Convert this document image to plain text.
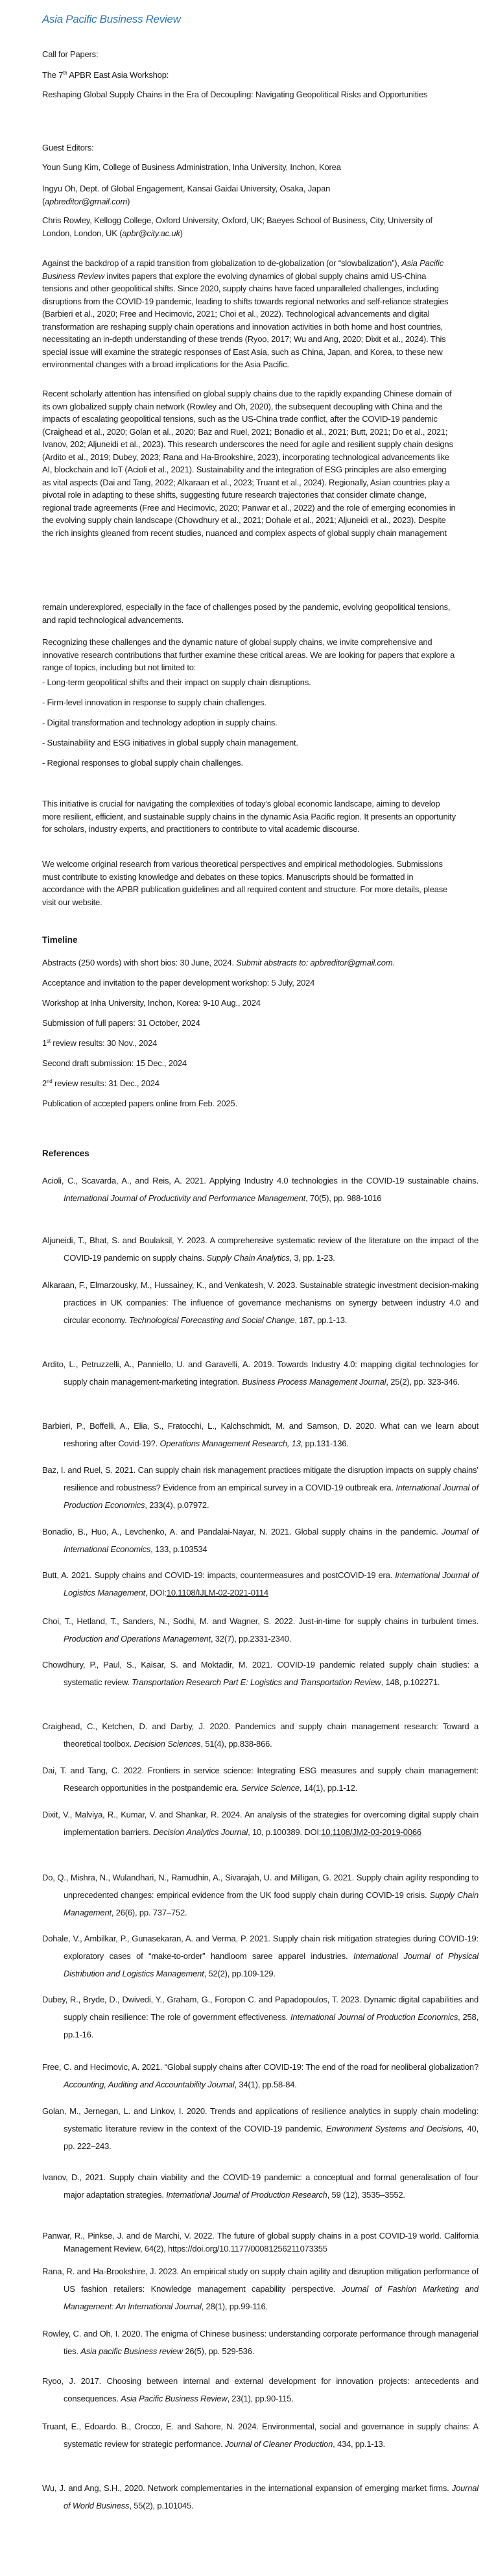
Asia Pacific Business Review

Call for Papers:

The 7th APBR East Asia Workshop:

Reshaping Global Supply Chains in the Era of Decoupling: Navigating Geopolitical Risks and Opportunities

Guest Editors:

Youn Sung Kim, College of Business Administration, Inha University, Inchon, Korea

Ingyu Oh, Dept. of Global Engagement, Kansai Gaidai University, Osaka, Japan
(apbreditor@gmail.com)

Chris Rowley, Kellogg College, Oxford University, Oxford, UK; Baeyes School of Business, City, University of London, London, UK (apbr@city.ac.uk)

Against the backdrop of a rapid transition from globalization to de-globalization (or “slowbalization”), Asia Pacific Business Review invites papers that explore the evolving dynamics of global supply chains amid US-China tensions and other geopolitical shifts. Since 2020, supply chains have faced unparalleled challenges, including disruptions from the COVID-19 pandemic, leading to shifts towards regional networks and self-reliance strategies (Barbieri et al., 2020; Free and Hecimovic, 2021; Choi et al., 2022). Technological advancements and digital transformation are reshaping supply chain operations and innovation activities in both home and host countries, necessitating an in-depth understanding of these trends (Ryoo, 2017; Wu and Ang, 2020; Dixit et al., 2024). This special issue will examine the strategic responses of East Asia, such as China, Japan, and Korea, to these new environmental changes with a broad implications for the Asia Pacific.

Recent scholarly attention has intensified on global supply chains due to the rapidly expanding Chinese domain of its own globalized supply chain network (Rowley and Oh, 2020), the subsequent decoupling with China and the impacts of escalating geopolitical tensions, such as the US-China trade conflict, after the COVID-19 pandemic (Craighead et al., 2020; Golan et al., 2020; Baz and Ruel, 2021; Bonadio et al., 2021; Butt, 2021; Do et al., 2021; Ivanov, 202; Aljuneidi et al., 2023). This research underscores the need for agile and resilient supply chain designs (Ardito et al., 2019; Dubey, 2023; Rana and Ha-Brookshire, 2023), incorporating technological advancements like AI, blockchain and IoT (Acioli et al., 2021). Sustainability and the integration of ESG principles are also emerging as vital aspects (Dai and Tang, 2022; Alkaraan et al., 2023; Truant et al., 2024). Regionally, Asian countries play a pivotal role in adapting to these shifts, suggesting future research trajectories that consider climate change, regional trade agreements (Free and Hecimovic, 2020; Panwar et al., 2022) and the role of emerging economies in the evolving supply chain landscape (Chowdhury et al., 2021; Dohale et al., 2021; Aljuneidi et al., 2023). Despite the rich insights gleaned from recent studies, nuanced and complex aspects of global supply chain management

remain underexplored, especially in the face of challenges posed by the pandemic, evolving geopolitical tensions, and rapid technological advancements.

Recognizing these challenges and the dynamic nature of global supply chains, we invite comprehensive and innovative research contributions that further examine these critical areas. We are looking for papers that explore a range of topics, including but not limited to:

- Long-term geopolitical shifts and their impact on supply chain disruptions.
- Firm-level innovation in response to supply chain challenges.
- Digital transformation and technology adoption in supply chains.
- Sustainability and ESG initiatives in global supply chain management.
- Regional responses to global supply chain challenges.

This initiative is crucial for navigating the complexities of today’s global economic landscape, aiming to develop more resilient, efficient, and sustainable supply chains in the dynamic Asia Pacific region. It presents an opportunity for scholars, industry experts, and practitioners to contribute to vital academic discourse.

We welcome original research from various theoretical perspectives and empirical methodologies. Submissions must contribute to existing knowledge and debates on these topics. Manuscripts should be formatted in accordance with the APBR publication guidelines and all required content and structure. For more details, please visit our website.

Timeline
Abstracts (250 words) with short bios: 30 June, 2024. Submit abstracts to: apbreditor@gmail.com.
Acceptance and invitation to the paper development workshop: 5 July, 2024
Workshop at Inha University, Inchon, Korea: 9-10 Aug., 2024
Submission of full papers: 31 October, 2024
1st review results: 30 Nov., 2024
Second draft submission: 15 Dec., 2024
2nd review results: 31 Dec., 2024
Publication of accepted papers online from Feb. 2025.
References

Acioli, C., Scavarda, A., and Reis, A. 2021. Applying Industry 4.0 technologies in the COVID-19 sustainable chains. International Journal of Productivity and Performance Management, 70(5), pp. 988-1016

Aljuneidi, T., Bhat, S. and Boulaksil, Y. 2023. A comprehensive systematic review of the literature on the impact of the COVID-19 pandemic on supply chains. Supply Chain Analytics, 3, pp. 1-23.

Alkaraan, F., Elmarzousky, M., Hussainey, K., and Venkatesh, V. 2023. Sustainable strategic investment decision-making practices in UK companies: The influence of governance mechanisms on synergy between industry 4.0 and circular economy. Technological Forecasting and Social Change, 187, pp.1-13.

Ardito, L., Petruzzelli, A., Panniello, U. and Garavelli, A. 2019. Towards Industry 4.0: mapping digital technologies for supply chain management-marketing integration. Business Process Management Journal, 25(2), pp. 323-346.

Barbieri, P., Boffelli, A., Elia, S., Fratocchi, L., Kalchschmidt, M. and Samson, D. 2020. What can we learn about reshoring after Covid-19?. Operations Management Research, 13, pp.131-136.

Baz, I. and Ruel, S. 2021. Can supply chain risk management practices mitigate the disruption impacts on supply chains’ resilience and robustness? Evidence from an empirical survey in a COVID-19 outbreak era. International Journal of Production Economics, 233(4), p.07972.

Bonadio, B., Huo, A., Levchenko, A. and Pandalai-Nayar, N. 2021. Global supply chains in the pandemic. Journal of International Economics, 133, p.103534

Butt, A. 2021. Supply chains and COVID-19: impacts, countermeasures and postCOVID-19 era. International Journal of Logistics Management, DOI:10.1108/IJLM-02-2021-0114

Choi, T., Hetland, T., Sanders, N., Sodhi, M. and Wagner, S. 2022. Just-in-time for supply chains in turbulent times. Production and Operations Management, 32(7), pp.2331-2340.

Chowdhury, P., Paul, S., Kaisar, S. and Moktadir, M. 2021. COVID-19 pandemic related supply chain studies: a systematic review. Transportation Research Part E: Logistics and Transportation Review, 148, p.102271.

Craighead, C., Ketchen, D. and Darby, J. 2020. Pandemics and supply chain management research: Toward a theoretical toolbox. Decision Sciences, 51(4), pp.838-866.

Dai, T. and Tang, C. 2022. Frontiers in service science: Integrating ESG measures and supply chain management: Research opportunities in the postpandemic era. Service Science, 14(1), pp.1-12.

Dixit, V., Malviya, R., Kumar, V. and Shankar, R. 2024. An analysis of the strategies for overcoming digital supply chain implementation barriers. Decision Analytics Journal, 10, p.100389. DOI:10.1108/JM2-03-2019-0066

Do, Q., Mishra, N., Wulandhari, N., Ramudhin, A., Sivarajah, U. and Milligan, G. 2021. Supply chain agility responding to unprecedented changes: empirical evidence from the UK food supply chain during COVID-19 crisis. Supply Chain Management, 26(6), pp. 737–752.

Dohale, V., Ambilkar, P., Gunasekaran, A. and Verma, P. 2021. Supply chain risk mitigation strategies during COVID-19: exploratory cases of “make-to-order” handloom saree apparel industries. International Journal of Physical Distribution and Logistics Management, 52(2), pp.109-129.

Dubey, R., Bryde, D., Dwivedi, Y., Graham, G., Foropon C. and Papadopoulos, T. 2023. Dynamic digital capabilities and supply chain resilience: The role of government effectiveness. International Journal of Production Economics, 258, pp.1-16.

Free, C. and Hecimovic, A. 2021. “Global supply chains after COVID-19: The end of the road for neoliberal globalization? Accounting, Auditing and Accountability Journal, 34(1), pp.58-84.

Golan, M., Jernegan, L. and Linkov, I. 2020. Trends and applications of resilience analytics in supply chain modeling: systematic literature review in the context of the COVID-19 pandemic, Environment Systems and Decisions, 40, pp. 222–243.

Ivanov, D., 2021. Supply chain viability and the COVID-19 pandemic: a conceptual and formal generalisation of four major adaptation strategies. International Journal of Production Research, 59 (12), 3535–3552.

Panwar, R., Pinkse, J. and de Marchi, V. 2022. The future of global supply chains in a post COVID-19 world. California Management Review, 64(2), https://doi.org/10.1177/00081256211073355

Rana, R. and Ha-Brookshire, J. 2023. An empirical study on supply chain agility and disruption mitigation performance of US fashion retailers: Knowledge management capability perspective. Journal of Fashion Marketing and Management: An International Journal, 28(1), pp.99-116.

Rowley, C. and Oh, I. 2020. The enigma of Chinese business: understanding corporate performance through managerial ties. Asia pacific Business review 26(5), pp. 529-536.

Ryoo, J. 2017. Choosing between internal and external development for innovation projects: antecedents and consequences. Asia Pacific Business Review, 23(1), pp.90-115.

Truant, E., Edoardo. B., Crocco, E. and Sahore, N. 2024. Environmental, social and governance in supply chains: A systematic review for strategic performance. Journal of Cleaner Production, 434, pp.1-13.

Wu, J. and Ang, S.H., 2020. Network complementaries in the international expansion of emerging market firms. Journal of World Business, 55(2), p.101045.
